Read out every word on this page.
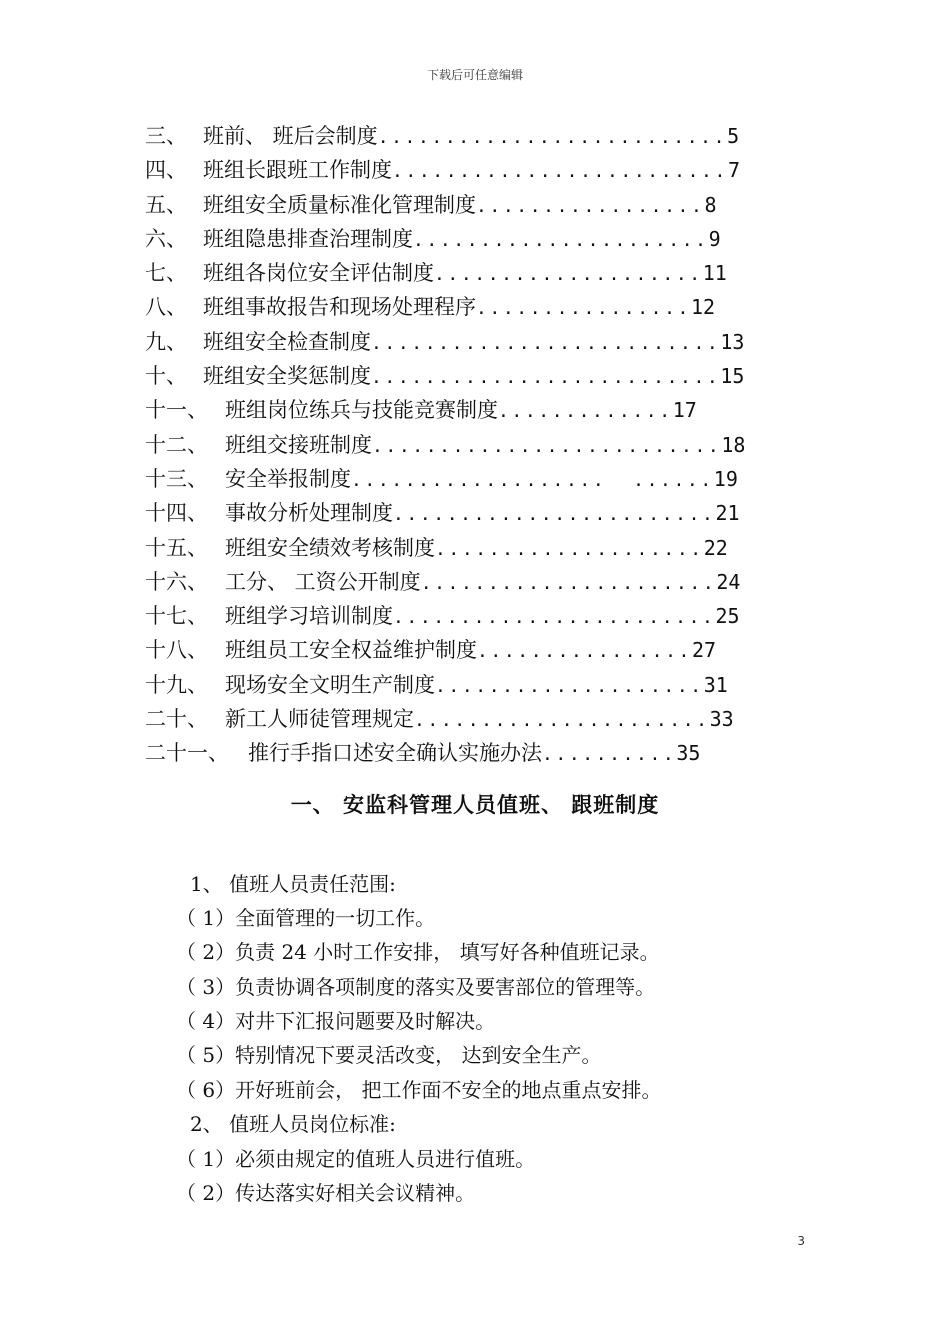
下载后可任意编辑
三、 班前、 班后会制度..........................5
四、 班组长跟班工作制度.........................7
五、 班组安全质量标准化管理制度.................8
六、 班组隐患排查治理制度......................9
七、 班组各岗位安全评估制度....................11
八、 班组事故报告和现场处理程序................12
九、 班组安全检查制度..........................13
十、 班组安全奖惩制度..........................15
十一、 班组岗位练兵与技能竞赛制度.............17
十二、 班组交接班制度..........................18
十三、 安全举报制度...................  ......19
十四、 事故分析处理制度........................21
十五、 班组安全绩效考核制度....................22
十六、 工分、 工资公开制度......................24
十七、 班组学习培训制度........................25
十八、 班组员工安全权益维护制度................27
十九、 现场安全文明生产制度....................31
二十、 新工人师徒管理规定......................33
二十一、 推行手指口述安全确认实施办法..........35
一、 安监科管理人员值班、 跟班制度
1、 值班人员责任范围:
（ 1）全面管理的一切工作。
（ 2）负责 24 小时工作安排， 填写好各种值班记录。
（ 3）负责协调各项制度的落实及要害部位的管理等。
（ 4）对井下汇报问题要及时解决。
（ 5）特别情况下要灵活改变， 达到安全生产。
（ 6）开好班前会， 把工作面不安全的地点重点安排。
2、 值班人员岗位标准:
（ 1）必须由规定的值班人员进行值班。
（ 2）传达落实好相关会议精神。
3
